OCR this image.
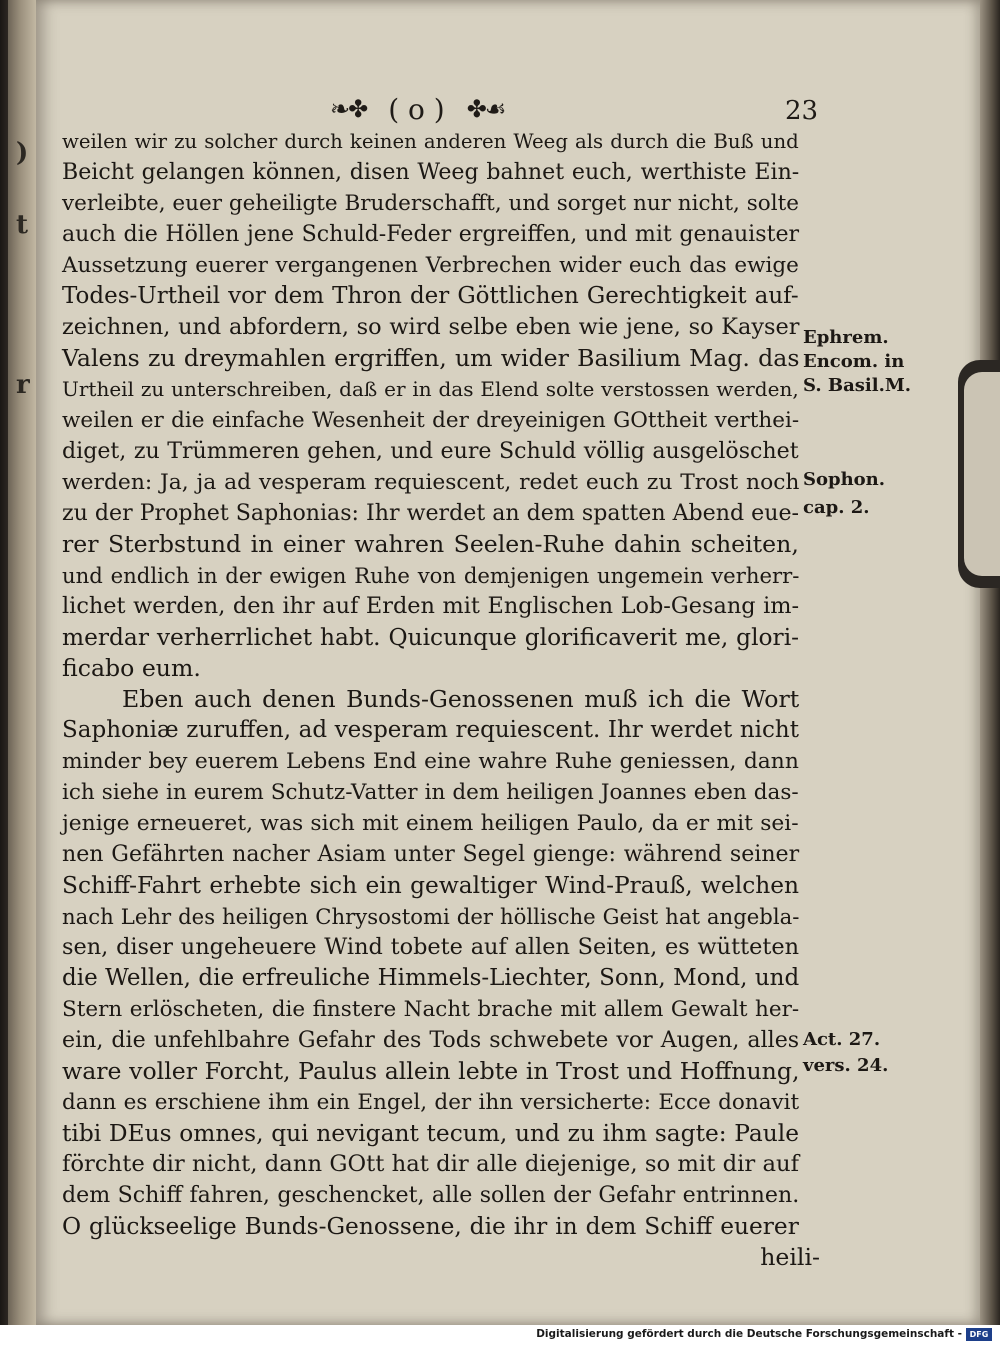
)
t
r
❧✤ ( o ) ✤☙	23
weilen wir zu solcher durch keinen anderen Weeg als durch die Buß und
Beicht gelangen können, disen Weeg bahnet euch, werthiste Ein-
verleibte, euer geheiligte Bruderschafft, und sorget nur nicht, solte
auch die Höllen jene Schuld-Feder ergreiffen, und mit genauister
Aussetzung euerer vergangenen Verbrechen wider euch das ewige
Todes-Urtheil vor dem Thron der Göttlichen Gerechtigkeit auf-
zeichnen, und abfordern, so wird selbe eben wie jene, so Kayser
Valens zu dreymahlen ergriffen, um wider Basilium Mag. das
Urtheil zu unterschreiben, daß er in das Elend solte verstossen werden,
weilen er die einfache Wesenheit der dreyeinigen GOttheit verthei-
diget, zu Trümmeren gehen, und eure Schuld völlig ausgelöschet
werden: Ja, ja ad vesperam requiescent, redet euch zu Trost noch
zu der Prophet Saphonias: Ihr werdet an dem spatten Abend eue-
rer Sterbstund in einer wahren Seelen-Ruhe dahin scheiten,
und endlich in der ewigen Ruhe von demjenigen ungemein verherr-
lichet werden, den ihr auf Erden mit Englischen Lob-Gesang im-
merdar verherrlichet habt. Quicunque glorificaverit me, glori-
ficabo eum.
Eben auch denen Bunds-Genossenen muß ich die Wort
Saphoniæ zuruffen, ad vesperam requiescent. Ihr werdet nicht
minder bey euerem Lebens End eine wahre Ruhe geniessen, dann
ich siehe in eurem Schutz-Vatter in dem heiligen Joannes eben das-
jenige erneueret, was sich mit einem heiligen Paulo, da er mit sei-
nen Gefährten nacher Asiam unter Segel gienge: während seiner
Schiff-Fahrt erhebte sich ein gewaltiger Wind-Prauß, welchen
nach Lehr des heiligen Chrysostomi der höllische Geist hat angebla-
sen, diser ungeheuere Wind tobete auf allen Seiten, es wütteten
die Wellen, die erfreuliche Himmels-Liechter, Sonn, Mond, und
Stern erlöscheten, die finstere Nacht brache mit allem Gewalt her-
ein, die unfehlbahre Gefahr des Tods schwebete vor Augen, alles
ware voller Forcht, Paulus allein lebte in Trost und Hoffnung,
dann es erschiene ihm ein Engel, der ihn versicherte: Ecce donavit
tibi DEus omnes, qui nevigant tecum, und zu ihm sagte: Paule
förchte dir nicht, dann GOtt hat dir alle diejenige, so mit dir auf
dem Schiff fahren, geschencket, alle sollen der Gefahr entrinnen.
O glückseelige Bunds-Genossene, die ihr in dem Schiff euerer
heili-
Ephrem.
Encom. in
S. Basil.M.
Sophon.
cap. 2.
Act. 27.
vers. 24.
Digitalisierung gefördert durch die Deutsche Forschungsgemeinschaft - DFG
